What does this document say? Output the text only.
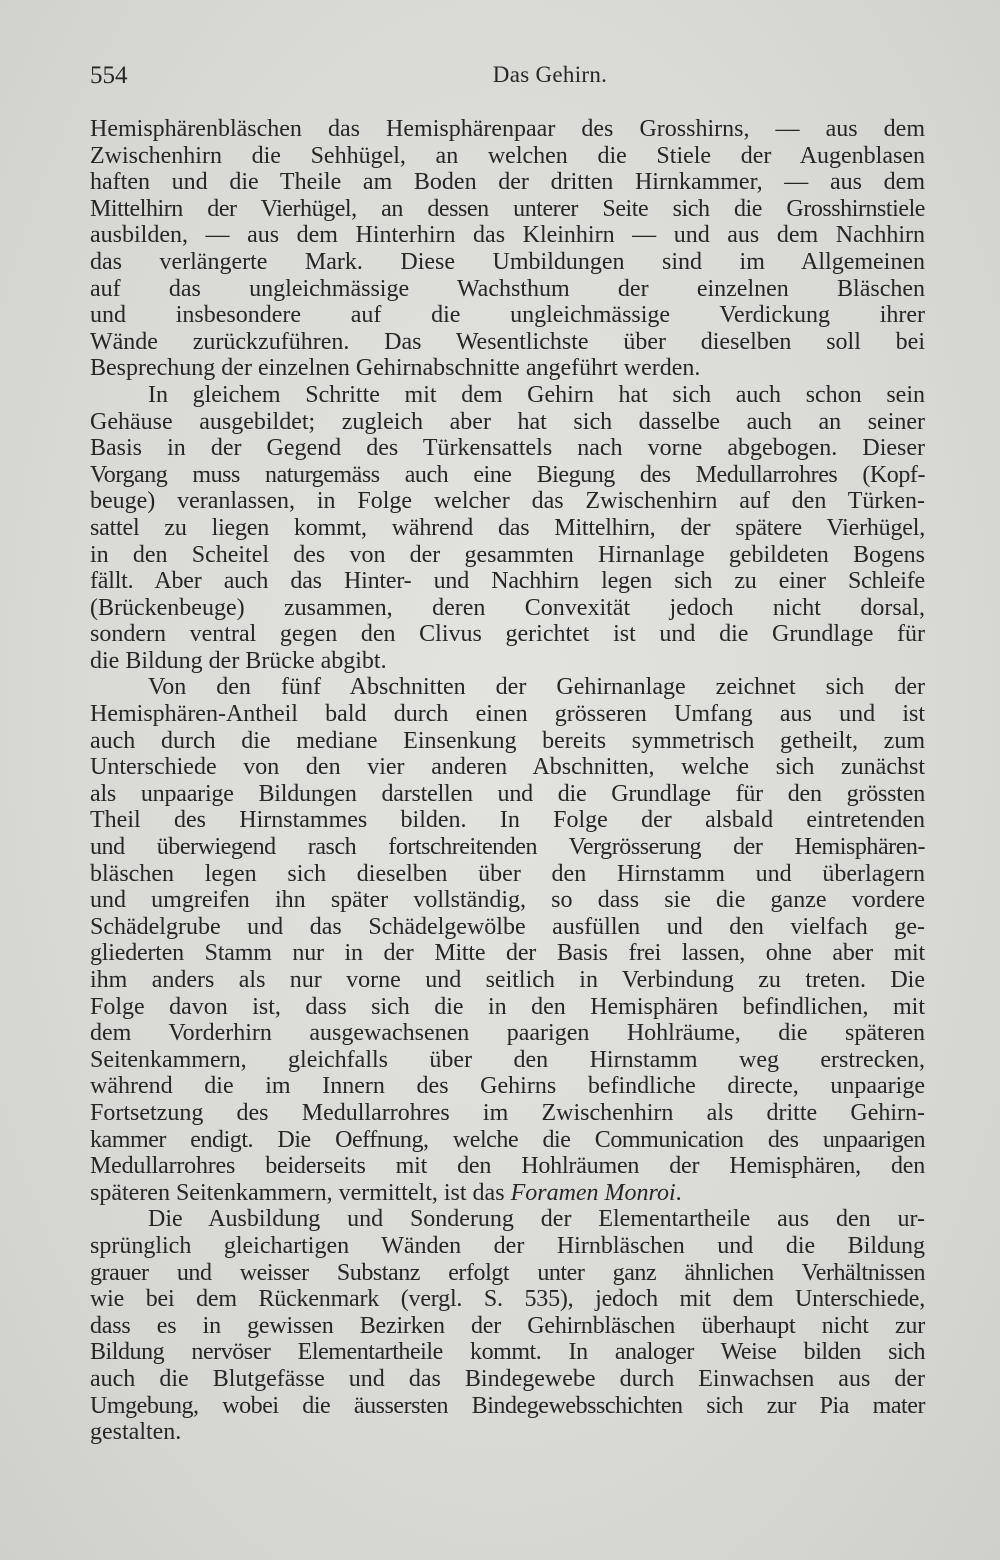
554	Das Gehirn.
Hemisphärenbläschen das Hemisphärenpaar des Grosshirns, — aus dem
Zwischenhirn die Sehhügel, an welchen die Stiele der Augenblasen
haften und die Theile am Boden der dritten Hirnkammer, — aus dem
Mittelhirn der Vierhügel, an dessen unterer Seite sich die Grosshirnstiele
ausbilden, — aus dem Hinterhirn das Kleinhirn — und aus dem Nachhirn
das verlängerte Mark. Diese Umbildungen sind im Allgemeinen
auf das ungleichmässige Wachsthum der einzelnen Bläschen
und insbesondere auf die ungleichmässige Verdickung ihrer
Wände zurückzuführen. Das Wesentlichste über dieselben soll bei
Besprechung der einzelnen Gehirnabschnitte angeführt werden.
In gleichem Schritte mit dem Gehirn hat sich auch schon sein
Gehäuse ausgebildet; zugleich aber hat sich dasselbe auch an seiner
Basis in der Gegend des Türkensattels nach vorne abgebogen. Dieser
Vorgang muss naturgemäss auch eine Biegung des Medullarrohres (Kopf-
beuge) veranlassen, in Folge welcher das Zwischenhirn auf den Türken-
sattel zu liegen kommt, während das Mittelhirn, der spätere Vierhügel,
in den Scheitel des von der gesammten Hirnanlage gebildeten Bogens
fällt. Aber auch das Hinter- und Nachhirn legen sich zu einer Schleife
(Brückenbeuge) zusammen, deren Convexität jedoch nicht dorsal,
sondern ventral gegen den Clivus gerichtet ist und die Grundlage für
die Bildung der Brücke abgibt.
Von den fünf Abschnitten der Gehirnanlage zeichnet sich der
Hemisphären-Antheil bald durch einen grösseren Umfang aus und ist
auch durch die mediane Einsenkung bereits symmetrisch getheilt, zum
Unterschiede von den vier anderen Abschnitten, welche sich zunächst
als unpaarige Bildungen darstellen und die Grundlage für den grössten
Theil des Hirnstammes bilden. In Folge der alsbald eintretenden
und überwiegend rasch fortschreitenden Vergrösserung der Hemisphären-
bläschen legen sich dieselben über den Hirnstamm und überlagern
und umgreifen ihn später vollständig, so dass sie die ganze vordere
Schädelgrube und das Schädelgewölbe ausfüllen und den vielfach ge-
gliederten Stamm nur in der Mitte der Basis frei lassen, ohne aber mit
ihm anders als nur vorne und seitlich in Verbindung zu treten. Die
Folge davon ist, dass sich die in den Hemisphären befindlichen, mit
dem Vorderhirn ausgewachsenen paarigen Hohlräume, die späteren
Seitenkammern, gleichfalls über den Hirnstamm weg erstrecken,
während die im Innern des Gehirns befindliche directe, unpaarige
Fortsetzung des Medullarrohres im Zwischenhirn als dritte Gehirn-
kammer endigt. Die Oeffnung, welche die Communication des unpaarigen
Medullarrohres beiderseits mit den Hohlräumen der Hemisphären, den
späteren Seitenkammern, vermittelt, ist das Foramen Monroi.
Die Ausbildung und Sonderung der Elementartheile aus den ur-
sprünglich gleichartigen Wänden der Hirnbläschen und die Bildung
grauer und weisser Substanz erfolgt unter ganz ähnlichen Verhältnissen
wie bei dem Rückenmark (vergl. S. 535), jedoch mit dem Unterschiede,
dass es in gewissen Bezirken der Gehirnbläschen überhaupt nicht zur
Bildung nervöser Elementartheile kommt. In analoger Weise bilden sich
auch die Blutgefässe und das Bindegewebe durch Einwachsen aus der
Umgebung, wobei die äussersten Bindegewebsschichten sich zur Pia mater
gestalten.
